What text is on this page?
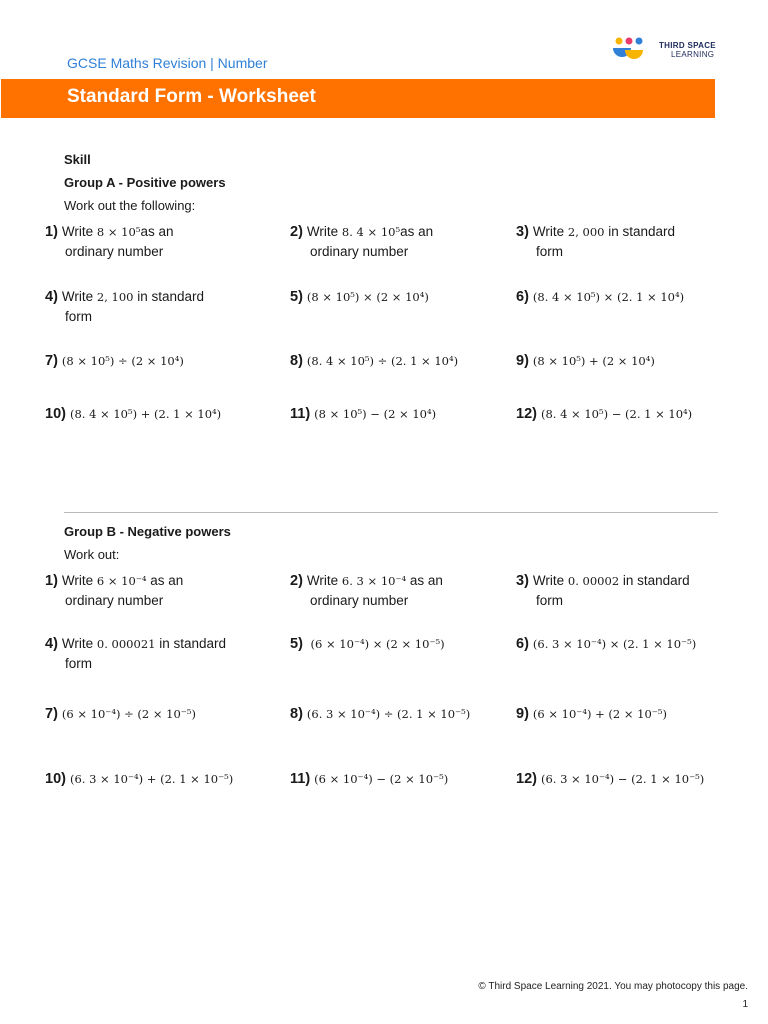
GCSE Maths Revision | Number
THIRD SPACE
LEARNING
Standard Form - Worksheet
Skill
Group A - Positive powers
Work out the following:
1) Write 8 × 10⁵as an
ordinary number
2) Write 8. 4 × 10⁵as an
ordinary number
3) Write 2, 000 in standard
form
4) Write 2, 100 in standard
form
5) (8 × 10⁵) × (2 × 10⁴)	6) (8. 4 × 10⁵) × (2. 1 × 10⁴)
7) (8 × 10⁵) ÷ (2 × 10⁴)	8) (8. 4 × 10⁵) ÷ (2. 1 × 10⁴)	9) (8 × 10⁵) + (2 × 10⁴)
10) (8. 4 × 10⁵) + (2. 1 × 10⁴)	11) (8 × 10⁵) − (2 × 10⁴)	12) (8. 4 × 10⁵) − (2. 1 × 10⁴)
Group B - Negative powers
Work out:
1) Write 6 × 10⁻⁴ as an
ordinary number
2) Write 6. 3 × 10⁻⁴ as an
ordinary number
3) Write 0. 00002 in standard
form
4) Write 0. 000021 in standard
form
5) (6 × 10⁻⁴) × (2 × 10⁻⁵)	6) (6. 3 × 10⁻⁴) × (2. 1 × 10⁻⁵)
7) (6 × 10⁻⁴) ÷ (2 × 10⁻⁵)	8) (6. 3 × 10⁻⁴) ÷ (2. 1 × 10⁻⁵)	9) (6 × 10⁻⁴) + (2 × 10⁻⁵)
10) (6. 3 × 10⁻⁴) + (2. 1 × 10⁻⁵)	11) (6 × 10⁻⁴) − (2 × 10⁻⁵)	12) (6. 3 × 10⁻⁴) − (2. 1 × 10⁻⁵)
© Third Space Learning 2021. You may photocopy this page.
1
